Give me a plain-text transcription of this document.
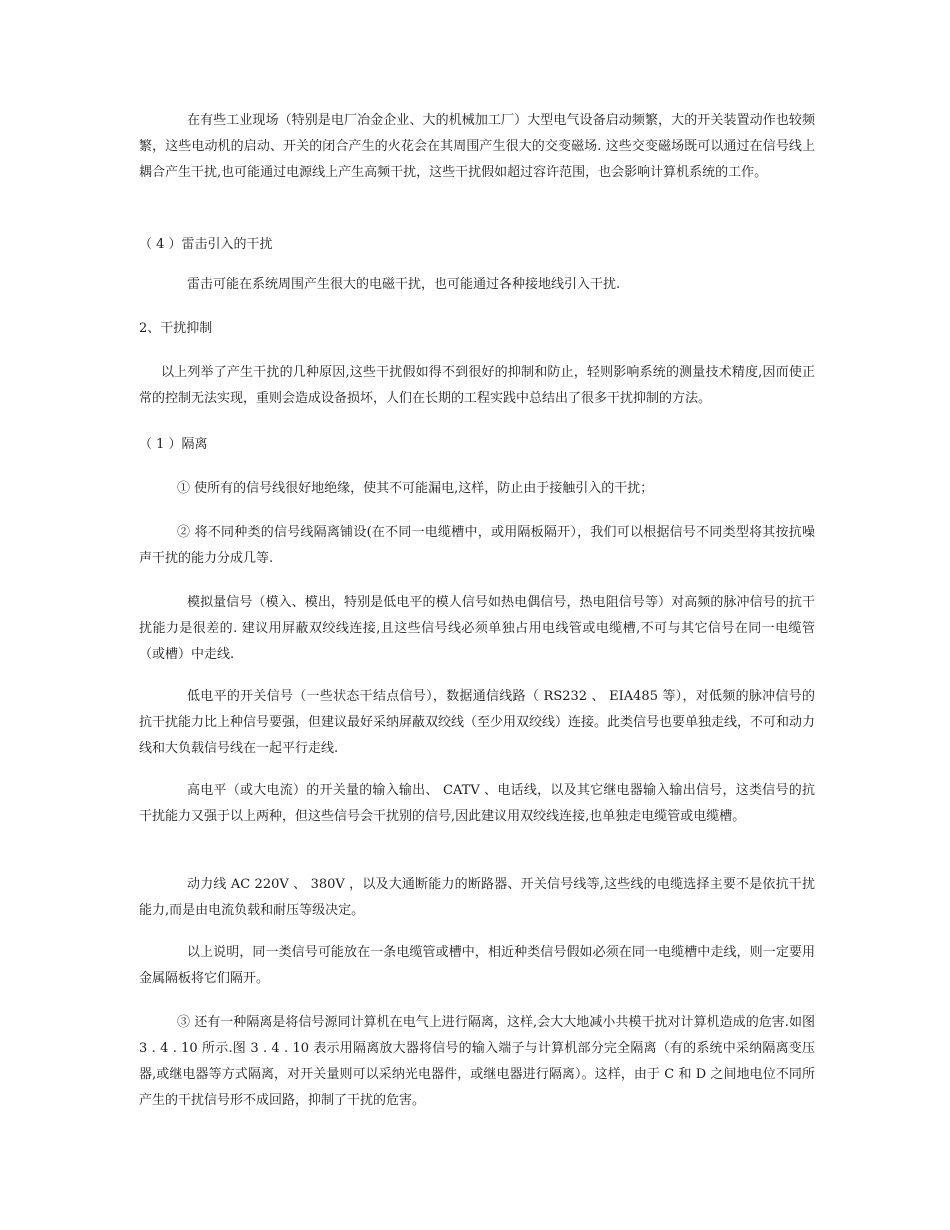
在有些工业现场（特别是电厂冶金企业、大的机械加工厂）大型电气设备启动频繁，大的开关装置动作也较频繁，这些电动机的启动、开关的闭合产生的火花会在其周围产生很大的交变磁场. 这些交变磁场既可以通过在信号线上耦合产生干扰,也可能通过电源线上产生高频干扰，这些干扰假如超过容许范围，也会影响计算机系统的工作。

（ 4 ）雷击引入的干扰

雷击可能在系统周围产生很大的电磁干扰，也可能通过各种接地线引入干扰.

2、干扰抑制

以上列举了产生干扰的几种原因,这些干扰假如得不到很好的抑制和防止，轻则影响系统的测量技术精度,因而使正常的控制无法实现，重则会造成设备损坏，人们在长期的工程实践中总结出了很多干扰抑制的方法。

（ 1 ）隔离

① 使所有的信号线很好地绝缘，使其不可能漏电,这样，防止由于接触引入的干扰；

② 将不同种类的信号线隔离铺设(在不同一电缆槽中，或用隔板隔开），我们可以根据信号不同类型将其按抗噪声干扰的能力分成几等.

模拟量信号（模入、模出，特别是低电平的模人信号如热电偶信号，热电阻信号等）对高频的脉冲信号的抗干扰能力是很差的. 建议用屏蔽双绞线连接,且这些信号线必须单独占用电线管或电缆槽,不可与其它信号在同一电缆管（或槽）中走线.

低电平的开关信号（一些状态干结点信号），数据通信线路（ RS232 、 EIA485 等），对低频的脉冲信号的抗干扰能力比上种信号要强，但建议最好采纳屏蔽双绞线（至少用双绞线）连接。此类信号也要单独走线，不可和动力线和大负载信号线在一起平行走线.

高电平（或大电流）的开关量的输入输出、 CATV 、电话线，以及其它继电器输入输出信号，这类信号的抗干扰能力又强于以上两种，但这些信号会干扰别的信号,因此建议用双绞线连接,也单独走电缆管或电缆槽。

动力线 AC 220V 、 380V ，以及大通断能力的断路器、开关信号线等,这些线的电缆选择主要不是依抗干扰能力,而是由电流负载和耐压等级决定。

以上说明，同一类信号可能放在一条电缆管或槽中，相近种类信号假如必须在同一电缆槽中走线，则一定要用金属隔板将它们隔开。

③ 还有一种隔离是将信号源同计算机在电气上进行隔离，这样,会大大地减小共模干扰对计算机造成的危害.如图 3 . 4 . 10 所示.图 3 . 4 . 10 表示用隔离放大器将信号的输入端子与计算机部分完全隔离（有的系统中采纳隔离变压器,或继电器等方式隔离，对开关量则可以采纳光电器件，或继电器进行隔离）。这样，由于 C 和 D 之间地电位不同所产生的干扰信号形不成回路，抑制了干扰的危害。
